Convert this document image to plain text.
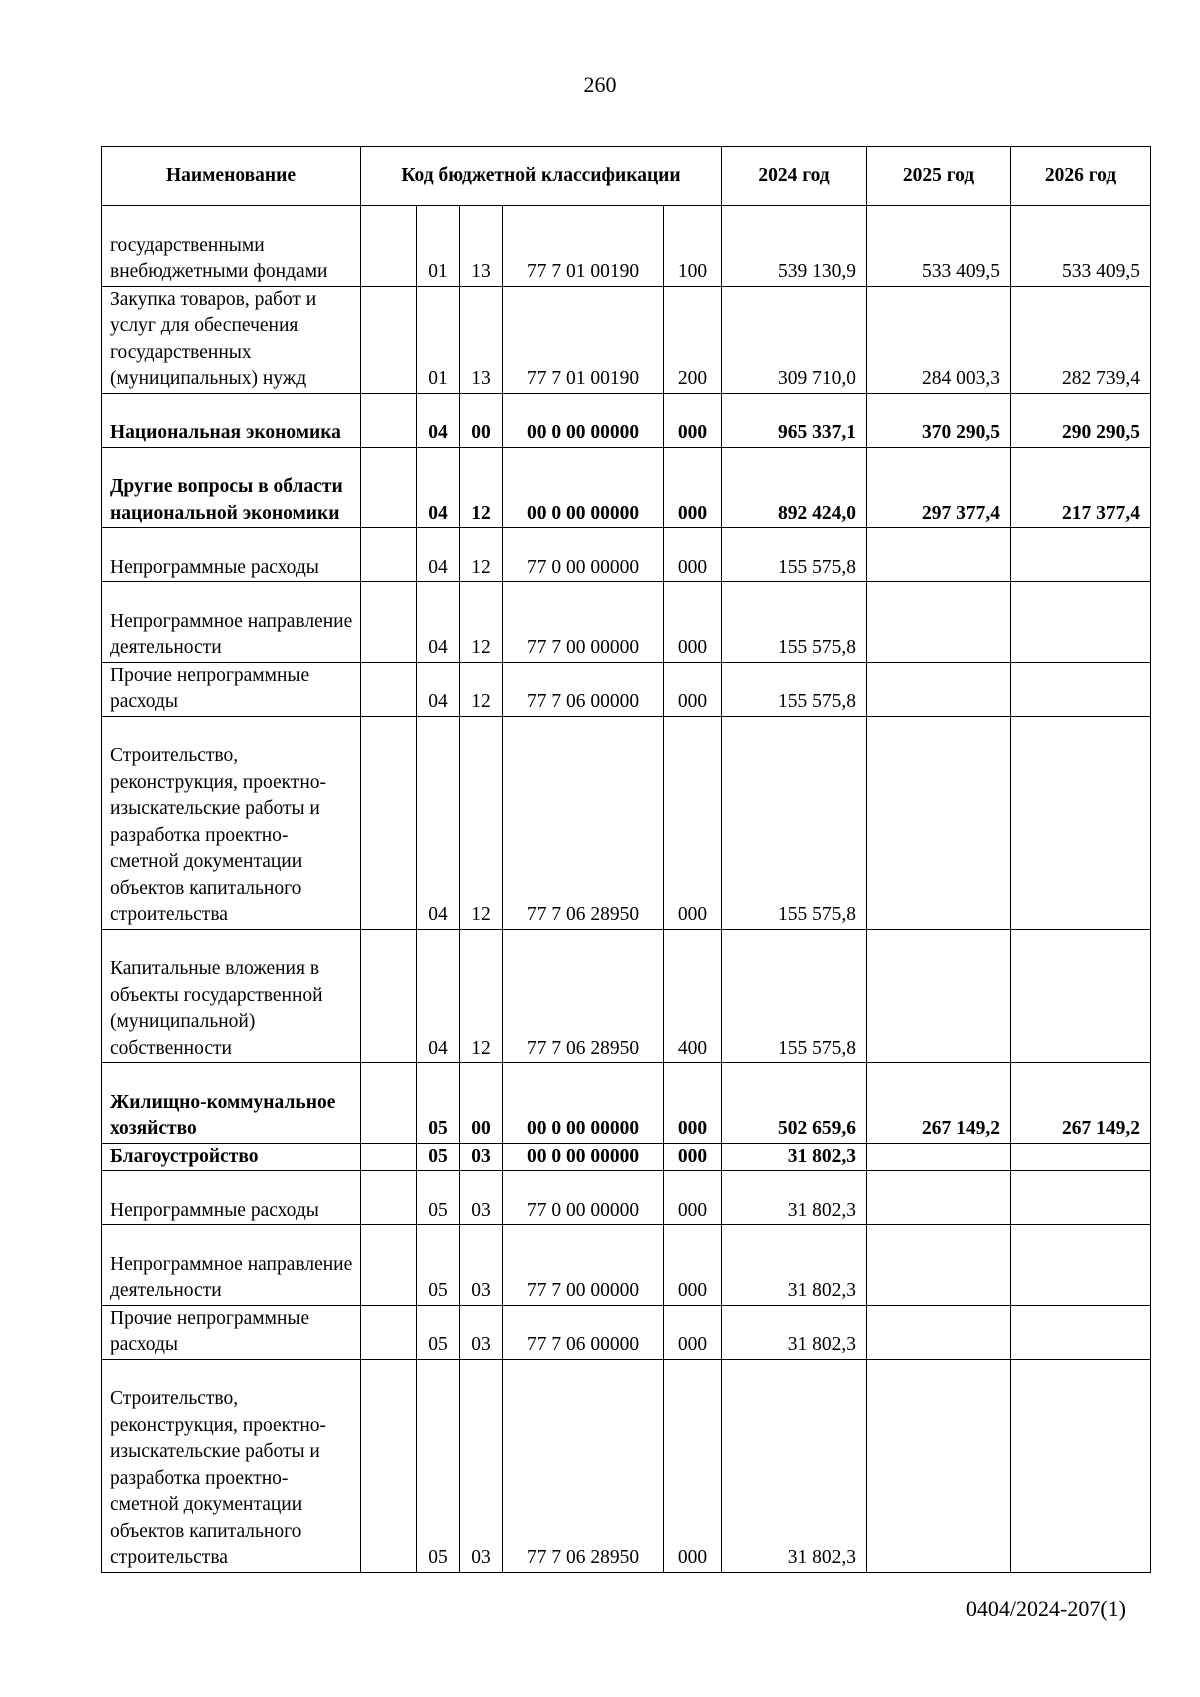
260
Наименование	Код бюджетной классификации					2024 год	2025 год	2026 год
государственными внебюджетными фондами		01	13	77 7 01 00190	100	539 130,9	533 409,5	533 409,5
Закупка товаров, работ и услуг для обеспечения государственных (муниципальных) нужд		01	13	77 7 01 00190	200	309 710,0	284 003,3	282 739,4
Национальная экономика		04	00	00 0 00 00000	000	965 337,1	370 290,5	290 290,5
Другие вопросы в области национальной экономики		04	12	00 0 00 00000	000	892 424,0	297 377,4	217 377,4
Непрограммные расходы		04	12	77 0 00 00000	000	155 575,8		
Непрограммное направление деятельности		04	12	77 7 00 00000	000	155 575,8		
Прочие непрограммные расходы		04	12	77 7 06 00000	000	155 575,8		
Строительство, реконструкция, проектно-изыскательские работы и разработка проектно-сметной документации объектов капитального строительства		04	12	77 7 06 28950	000	155 575,8		
Капитальные вложения в объекты государственной (муниципальной) собственности		04	12	77 7 06 28950	400	155 575,8		
Жилищно-коммунальное хозяйство		05	00	00 0 00 00000	000	502 659,6	267 149,2	267 149,2
Благоустройство		05	03	00 0 00 00000	000	31 802,3		
Непрограммные расходы		05	03	77 0 00 00000	000	31 802,3		
Непрограммное направление деятельности		05	03	77 7 00 00000	000	31 802,3		
Прочие непрограммные расходы		05	03	77 7 06 00000	000	31 802,3		
Строительство, реконструкция, проектно-изыскательские работы и разработка проектно-сметной документации объектов капитального строительства		05	03	77 7 06 28950	000	31 802,3		
0404/2024-207(1)
